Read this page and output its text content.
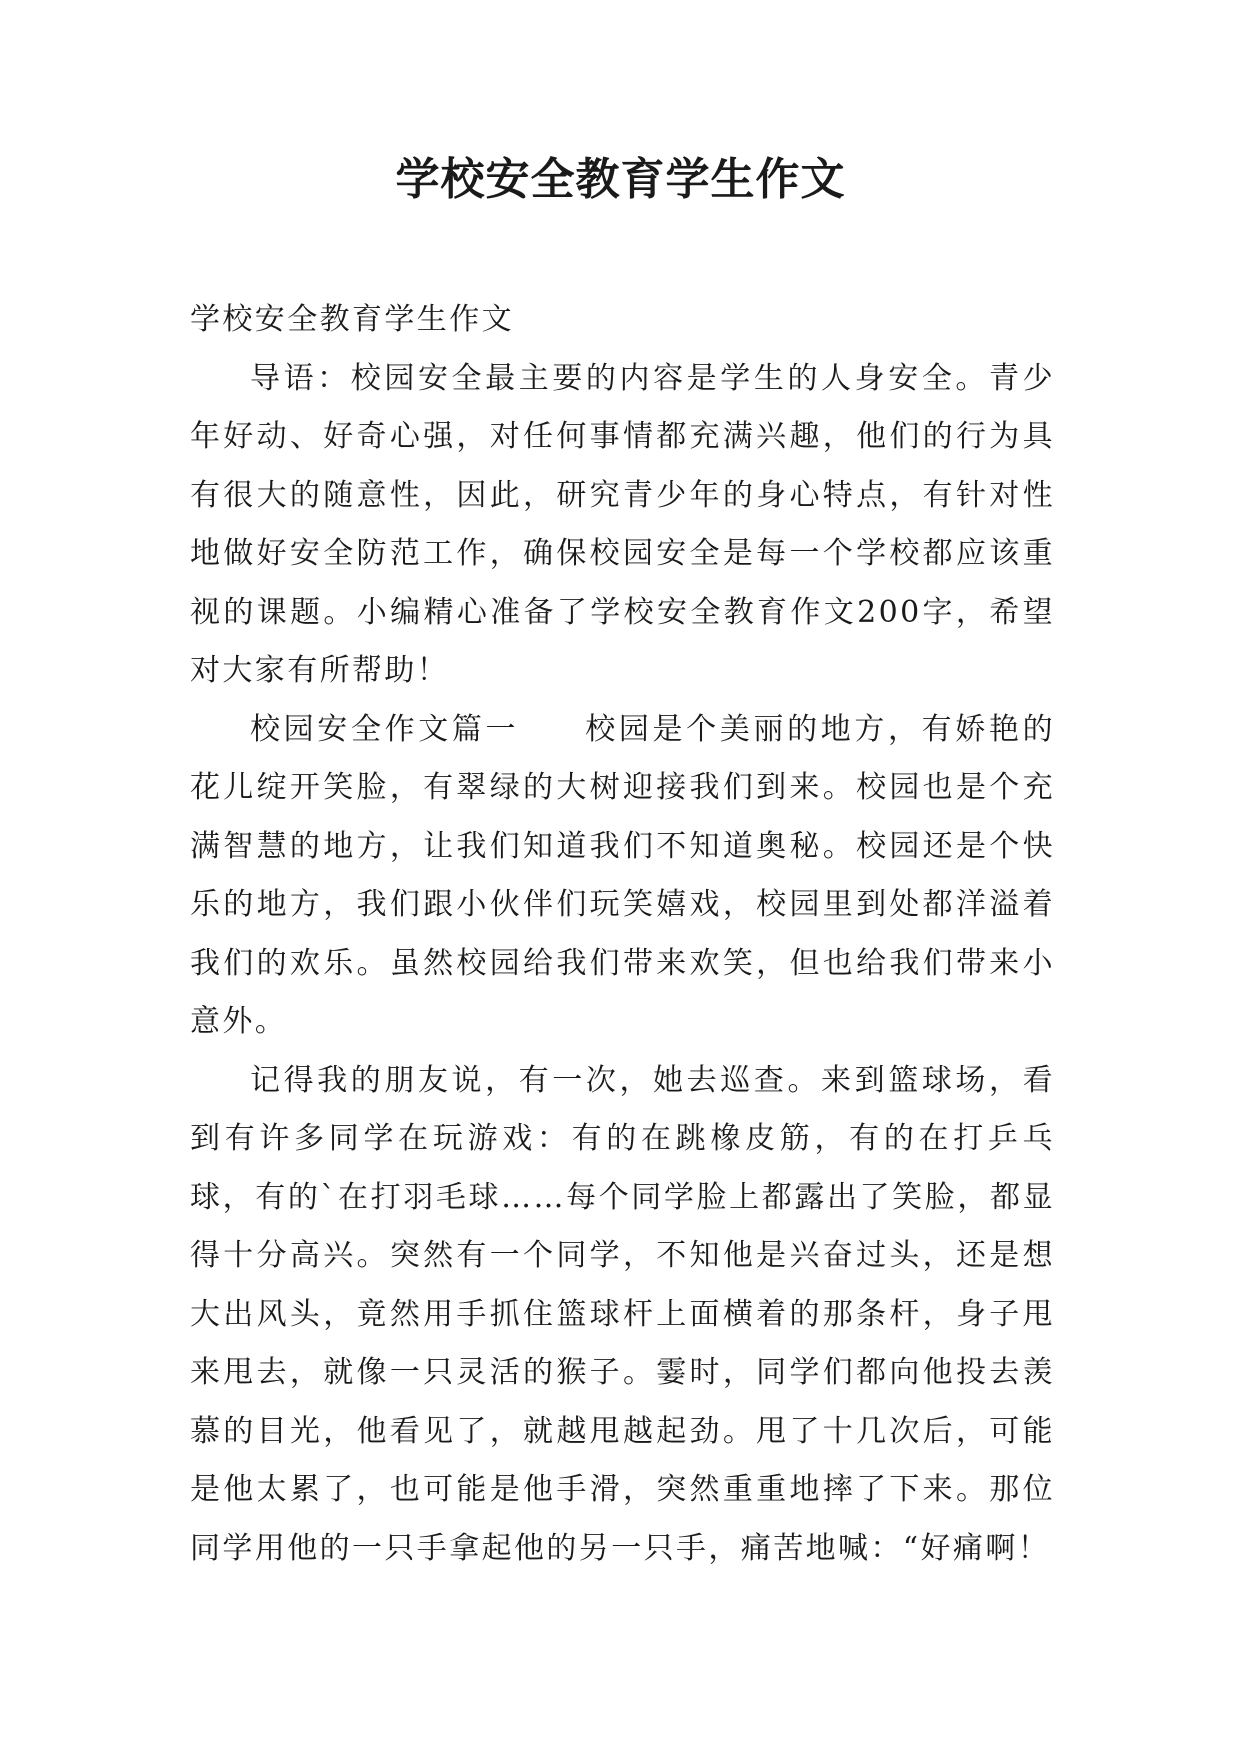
学校安全教育学生作文

学校安全教育学生作文

导语：校园安全最主要的内容是学生的人身安全。青少年好动、好奇心强，对任何事情都充满兴趣，他们的行为具有很大的随意性，因此，研究青少年的身心特点，有针对性地做好安全防范工作，确保校园安全是每一个学校都应该重视的课题。小编精心准备了学校安全教育作文200字，希望对大家有所帮助！

校园安全作文篇一 校园是个美丽的地方，有娇艳的花儿绽开笑脸，有翠绿的大树迎接我们到来。校园也是个充满智慧的地方，让我们知道我们不知道奥秘。校园还是个快乐的地方，我们跟小伙伴们玩笑嬉戏，校园里到处都洋溢着我们的欢乐。虽然校园给我们带来欢笑，但也给我们带来小意外。

记得我的朋友说，有一次，她去巡查。来到篮球场，看到有许多同学在玩游戏：有的在跳橡皮筋，有的在打乒乓球，有的`在打羽毛球……每个同学脸上都露出了笑脸，都显得十分高兴。突然有一个同学，不知他是兴奋过头，还是想大出风头，竟然用手抓住篮球杆上面横着的那条杆，身子甩来甩去，就像一只灵活的猴子。霎时，同学们都向他投去羡慕的目光，他看见了，就越甩越起劲。甩了十几次后，可能是他太累了，也可能是他手滑，突然重重地摔了下来。那位同学用他的一只手拿起他的另一只手，痛苦地喊：“好痛啊！
